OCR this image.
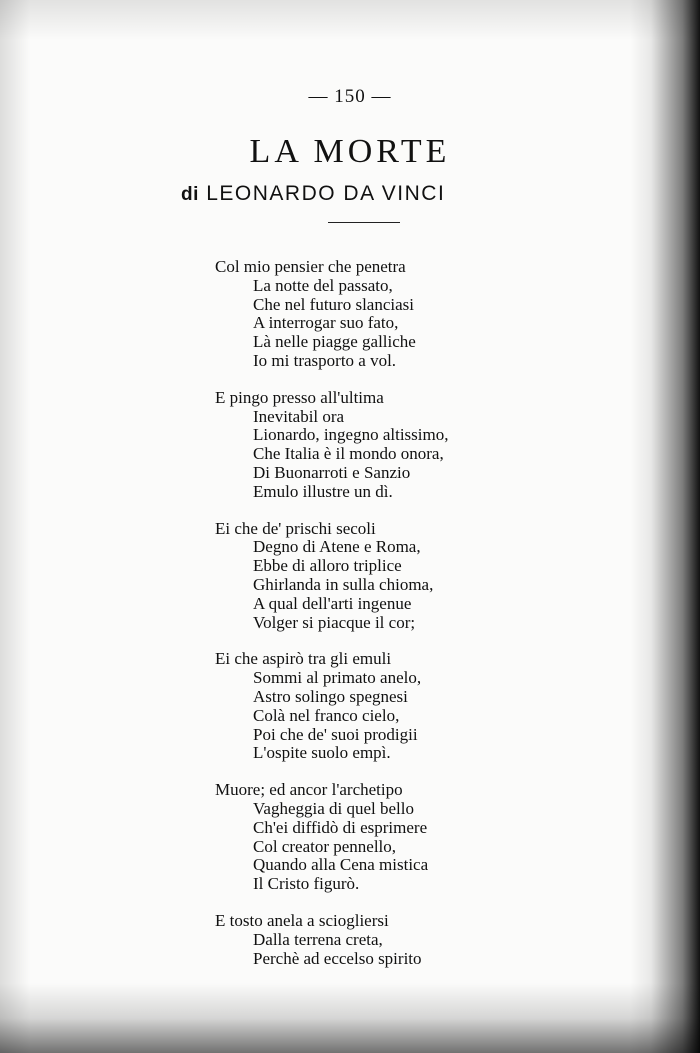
— 150 —
LA MORTE
di LEONARDO DA VINCI
Col mio pensier che penetra
La notte del passato,
Che nel futuro slanciasi
A interrogar suo fato,
Là nelle piagge galliche
Io mi trasporto a vol.
E pingo presso all'ultima
Inevitabil ora
Lionardo, ingegno altissimo,
Che Italia è il mondo onora,
Di Buonarroti e Sanzio
Emulo illustre un dì.
Ei che de' prischi secoli
Degno di Atene e Roma,
Ebbe di alloro triplice
Ghirlanda in sulla chioma,
A qual dell'arti ingenue
Volger si piacque il cor;
Ei che aspirò tra gli emuli
Sommi al primato anelo,
Astro solingo spegnesi
Colà nel franco cielo,
Poi che de' suoi prodigii
L'ospite suolo empì.
Muore; ed ancor l'archetipo
Vagheggia di quel bello
Ch'ei diffidò di esprimere
Col creator pennello,
Quando alla Cena mistica
Il Cristo figurò.
E tosto anela a sciogliersi
Dalla terrena creta,
Perchè ad eccelso spirito
